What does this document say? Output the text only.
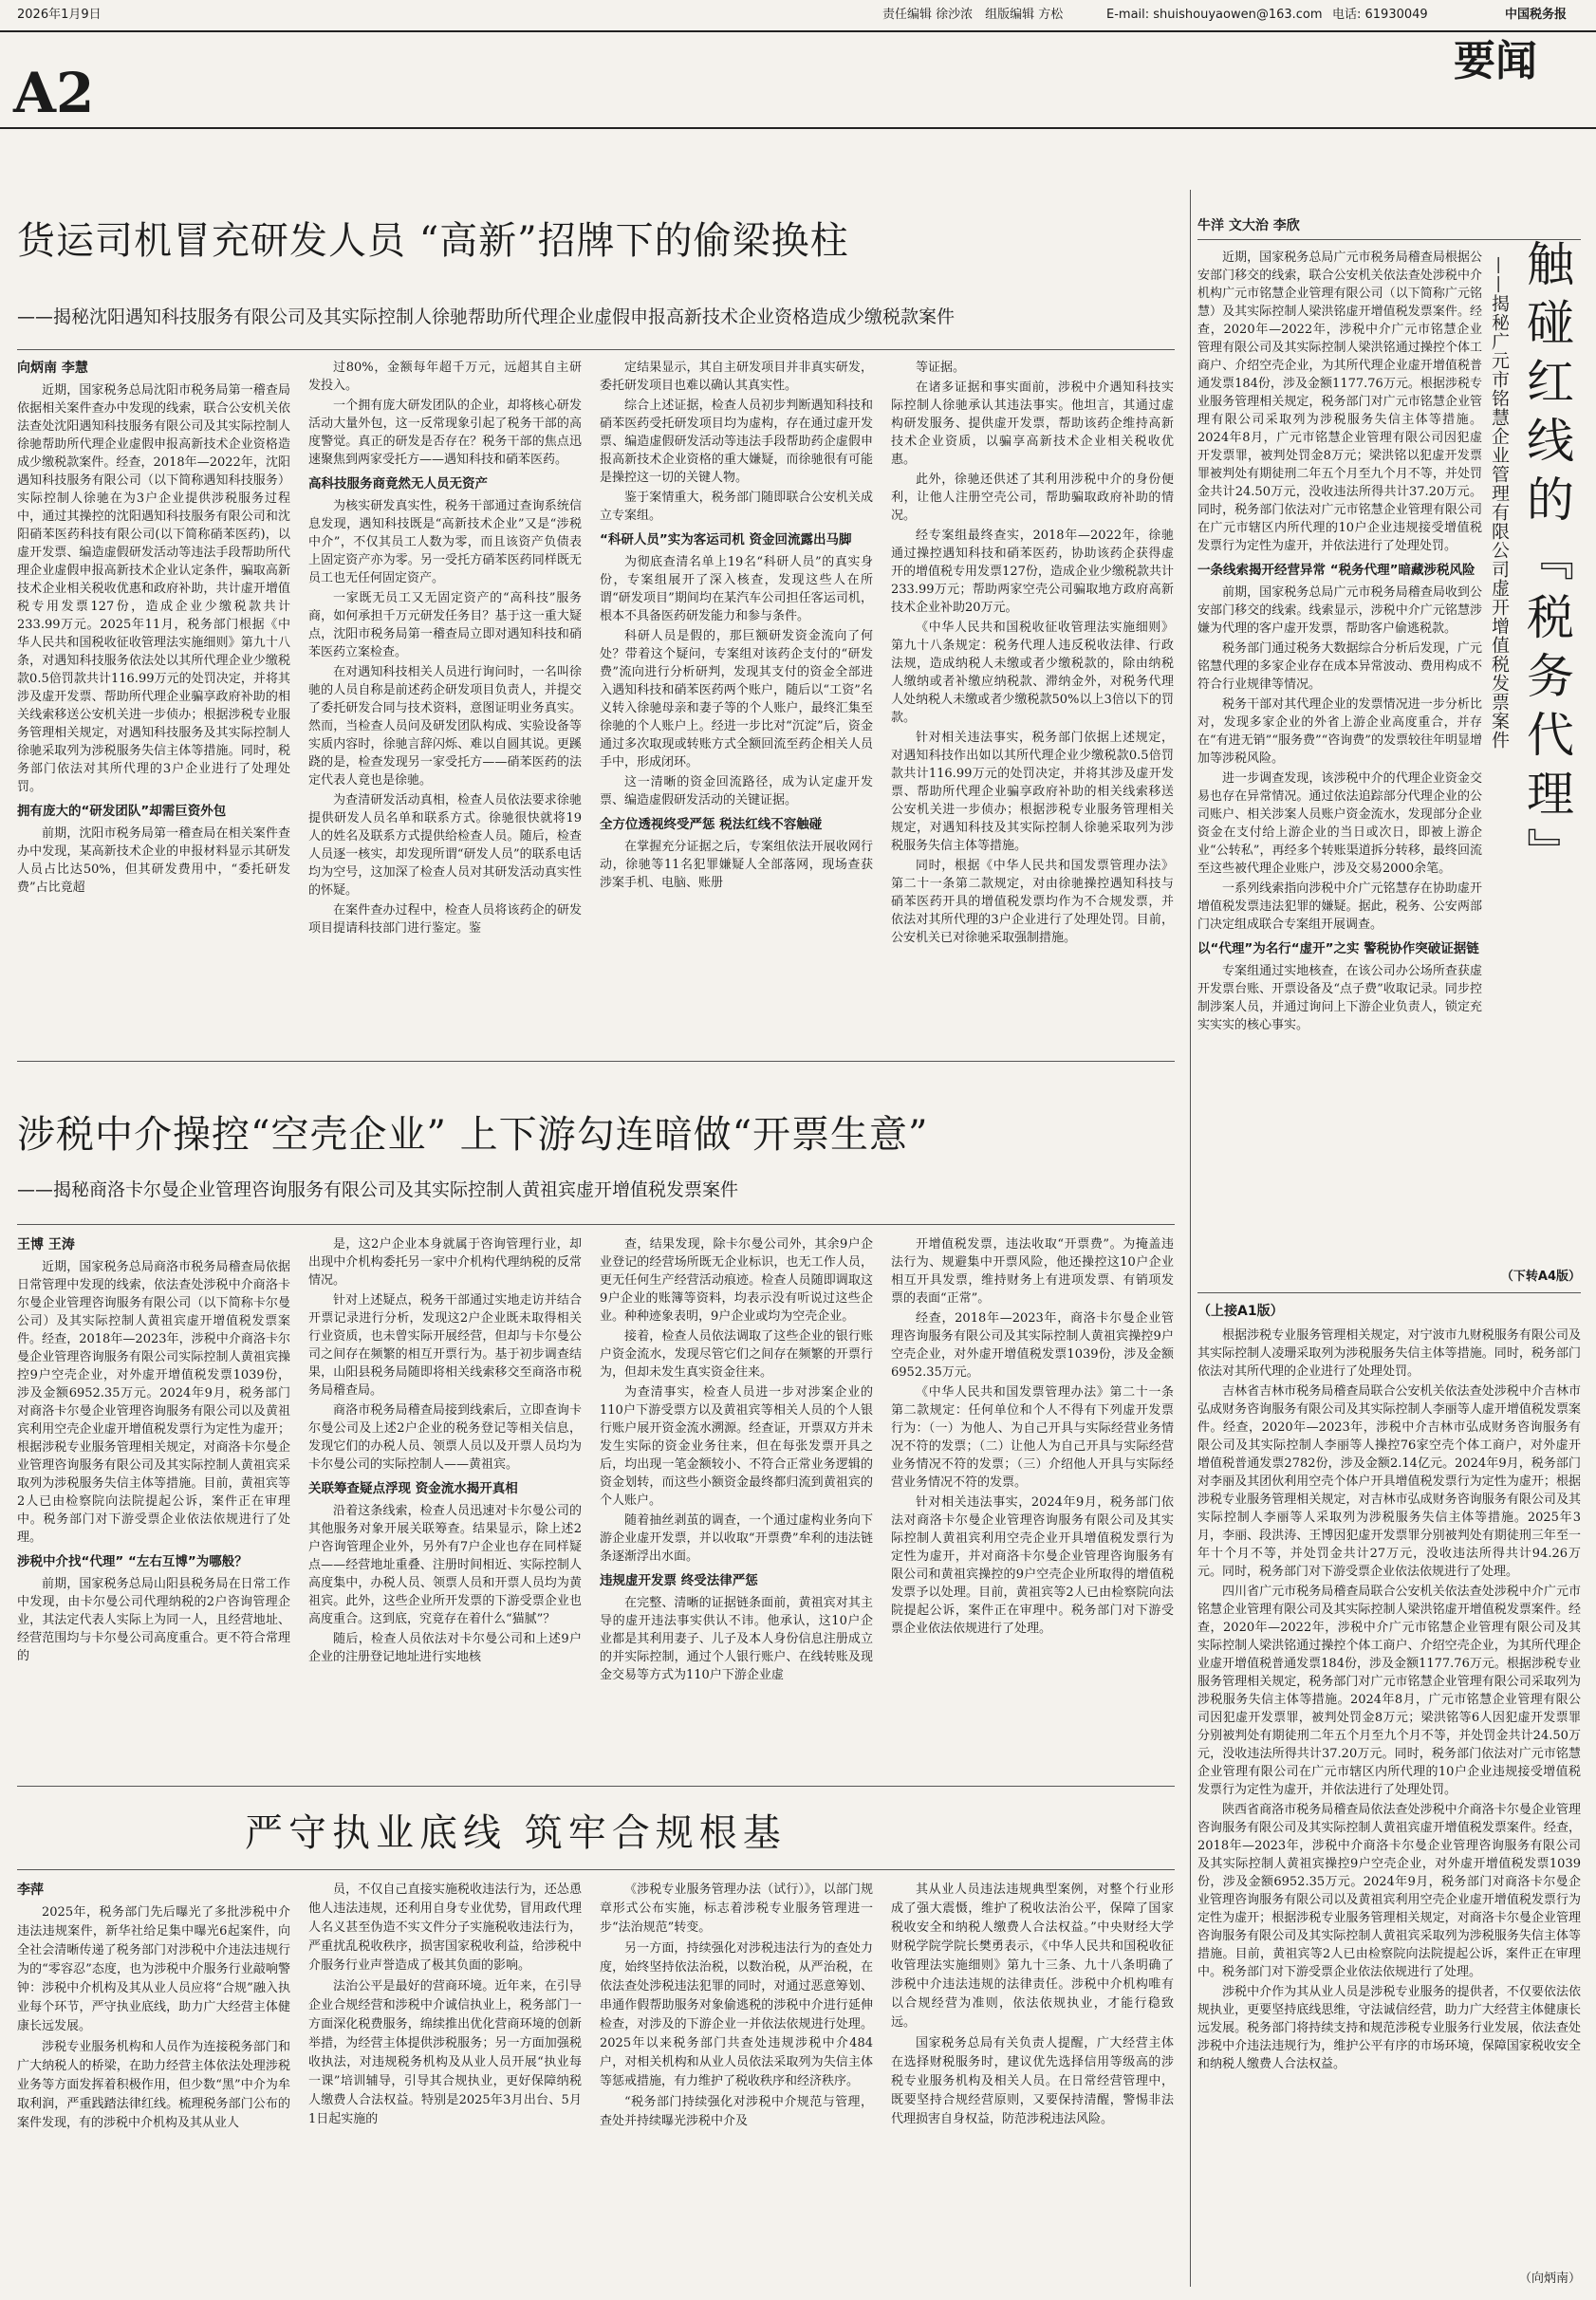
2026年1月9日	责任编辑 徐沙浓　组版编辑 方松	E-mail: shuishouyaowen@163.com 电话: 61930049	中国税务报
A2	要闻
货运司机冒充研发人员 “高新”招牌下的偷梁换柱
——揭秘沈阳遇知科技服务有限公司及其实际控制人徐驰帮助所代理企业虚假申报高新技术企业资格造成少缴税款案件
向炳南 李慧

近期，国家税务总局沈阳市税务局第一稽查局依据相关案件查办中发现的线索，联合公安机关依法查处沈阳遇知科技服务有限公司及其实际控制人徐驰帮助所代理企业虚假申报高新技术企业资格造成少缴税款案件。经查，2018年—2022年，沈阳遇知科技服务有限公司（以下简称遇知科技服务）实际控制人徐驰在为3户企业提供涉税服务过程中，通过其操控的沈阳遇知科技服务有限公司和沈阳硝苯医药科技有限公司(以下简称硝苯医药)，以虚开发票、编造虚假研发活动等违法手段帮助所代理企业虚假申报高新技术企业认定条件，骗取高新技术企业相关税收优惠和政府补助，共计虚开增值税专用发票127份，造成企业少缴税款共计233.99万元。2025年11月，税务部门根据《中华人民共和国税收征收管理法实施细则》第九十八条，对遇知科技服务依法处以其所代理企业少缴税款0.5倍罚款共计116.99万元的处罚决定，并将其涉及虚开发票、帮助所代理企业骗享政府补助的相关线索移送公安机关进一步侦办；根据涉税专业服务管理相关规定，对遇知科技服务及其实际控制人徐驰采取列为涉税服务失信主体等措施。同时，税务部门依法对其所代理的3户企业进行了处理处罚。

拥有庞大的“研发团队”却需巨资外包

前期，沈阳市税务局第一稽查局在相关案件查办中发现，某高新技术企业的申报材料显示其研发人员占比达50%，但其研发费用中，“委托研发费”占比竟超

过80%，金额每年超千万元，远超其自主研发投入。

一个拥有庞大研发团队的企业，却将核心研发活动大量外包，这一反常现象引起了税务干部的高度警觉。真正的研发是否存在？税务干部的焦点迅速聚焦到两家受托方——遇知科技和硝苯医药。

高科技服务商竟然无人员无资产

为核实研发真实性，税务干部通过查询系统信息发现，遇知科技既是“高新技术企业”又是“涉税中介”，不仅其员工人数为零，而且该资产负债表上固定资产亦为零。另一受托方硝苯医药同样既无员工也无任何固定资产。

一家既无员工又无固定资产的“高科技”服务商，如何承担千万元研发任务目？基于这一重大疑点，沈阳市税务局第一稽查局立即对遇知科技和硝苯医药立案检查。

在对遇知科技相关人员进行询问时，一名叫徐驰的人员自称是前述药企研发项目负责人，并提交了委托研发合同与技术资料，意图证明业务真实。然而，当检查人员问及研发团队构成、实验设备等实质内容时，徐驰言辞闪烁、难以自圆其说。更蹊跷的是，检查发现另一家受托方——硝苯医药的法定代表人竟也是徐驰。

为查清研发活动真相，检查人员依法要求徐驰提供研发人员名单和联系方式。徐驰很快就将19人的姓名及联系方式提供给检查人员。随后，检查人员逐一核实，却发现所谓“研发人员”的联系电话均为空号，这加深了检查人员对其研发活动真实性的怀疑。

在案件查办过程中，检查人员将该药企的研发项目提请科技部门进行鉴定。鉴

定结果显示，其自主研发项目并非真实研发，委托研发项目也难以确认其真实性。

综合上述证据，检查人员初步判断遇知科技和硝苯医药受托研发项目均为虚构，存在通过虚开发票、编造虚假研发活动等违法手段帮助药企虚假申报高新技术企业资格的重大嫌疑，而徐驰很有可能是操控这一切的关键人物。

鉴于案情重大，税务部门随即联合公安机关成立专案组。

“科研人员”实为客运司机 资金回流露出马脚

为彻底查清名单上19名“科研人员”的真实身份，专案组展开了深入核查，发现这些人在所谓“研发项目”期间均在某汽车公司担任客运司机，根本不具备医药研发能力和参与条件。

科研人员是假的，那巨额研发资金流向了何处？带着这个疑问，专案组对该药企支付的“研发费”流向进行分析研判，发现其支付的资金全部进入遇知科技和硝苯医药两个账户，随后以“工资”名义转入徐驰母亲和妻子等的个人账户，最终汇集至徐驰的个人账户上。经进一步比对“沉淀”后，资金通过多次取现或转账方式全额回流至药企相关人员手中，形成闭环。

这一清晰的资金回流路径，成为认定虚开发票、编造虚假研发活动的关键证据。

全方位透视终受严惩 税法红线不容触碰

在掌握充分证据之后，专案组依法开展收网行动，徐驰等11名犯罪嫌疑人全部落网，现场查获涉案手机、电脑、账册

等证据。

在诸多证据和事实面前，涉税中介遇知科技实际控制人徐驰承认其违法事实。他坦言，其通过虚构研发服务、提供虚开发票，帮助该药企维持高新技术企业资质，以骗享高新技术企业相关税收优惠。

此外，徐驰还供述了其利用涉税中介的身份便利，让他人注册空壳公司，帮助骗取政府补助的情况。

经专案组最终查实，2018年—2022年，徐驰通过操控遇知科技和硝苯医药，协助该药企获得虚开的增值税专用发票127份，造成企业少缴税款共计233.99万元；帮助两家空壳公司骗取地方政府高新技术企业补助20万元。

《中华人民共和国税收征收管理法实施细则》第九十八条规定：税务代理人违反税收法律、行政法规，造成纳税人未缴或者少缴税款的，除由纳税人缴纳或者补缴应纳税款、滞纳金外，对税务代理人处纳税人未缴或者少缴税款50%以上3倍以下的罚款。

针对相关违法事实，税务部门依据上述规定，对遇知科技作出如以其所代理企业少缴税款0.5倍罚款共计116.99万元的处罚决定，并将其涉及虚开发票、帮助所代理企业骗享政府补助的相关线索移送公安机关进一步侦办；根据涉税专业服务管理相关规定，对遇知科技及其实际控制人徐驰采取列为涉税服务失信主体等措施。

同时，根据《中华人民共和国发票管理办法》第二十一条第二款规定，对由徐驰操控遇知科技与硝苯医药开具的增值税发票均作为不合规发票，并依法对其所代理的3户企业进行了处理处罚。目前，公安机关已对徐驰采取强制措施。

涉税中介操控“空壳企业” 上下游勾连暗做“开票生意”
——揭秘商洛卡尔曼企业管理咨询服务有限公司及其实际控制人黄祖宾虚开增值税发票案件
王博 王涛

近期，国家税务总局商洛市税务局稽查局依据日常管理中发现的线索，依法查处涉税中介商洛卡尔曼企业管理咨询服务有限公司（以下简称卡尔曼公司）及其实际控制人黄祖宾虚开增值税发票案件。经查，2018年—2023年，涉税中介商洛卡尔曼企业管理咨询服务有限公司实际控制人黄祖宾操控9户空壳企业，对外虚开增值税发票1039份，涉及金额6952.35万元。2024年9月，税务部门对商洛卡尔曼企业管理咨询服务有限公司以及黄祖宾利用空壳企业虚开增值税发票行为定性为虚开；根据涉税专业服务管理相关规定，对商洛卡尔曼企业管理咨询服务有限公司及其实际控制人黄祖宾采取列为涉税服务失信主体等措施。目前，黄祖宾等2人已由检察院向法院提起公诉，案件正在审理中。税务部门对下游受票企业依法依规进行了处理。

涉税中介找“代理” “左右互博”为哪般？

前期，国家税务总局山阳县税务局在日常工作中发现，由卡尔曼公司代理纳税的2户咨询管理企业，其法定代表人实际上为同一人，且经营地址、经营范围均与卡尔曼公司高度重合。更不符合常理的

是，这2户企业本身就属于咨询管理行业，却出现中介机构委托另一家中介机构代理纳税的反常情况。

针对上述疑点，税务干部通过实地走访并结合开票记录进行分析，发现这2户企业既未取得相关行业资质，也未曾实际开展经营，但却与卡尔曼公司之间存在频繁的相互开票行为。基于初步调查结果，山阳县税务局随即将相关线索移交至商洛市税务局稽查局。

商洛市税务局稽查局接到线索后，立即查询卡尔曼公司及上述2户企业的税务登记等相关信息，发现它们的办税人员、领票人员以及开票人员均为卡尔曼公司的实际控制人——黄祖宾。

关联筹查疑点浮现 资金流水揭开真相

沿着这条线索，检查人员迅速对卡尔曼公司的其他服务对象开展关联筹查。结果显示，除上述2户咨询管理企业外，另外有7户企业也存在同样疑点——经营地址重叠、注册时间相近、实际控制人高度集中，办税人员、领票人员和开票人员均为黄祖宾。此外，这些企业所开发票的下游受票企业也高度重合。这到底，究竟存在着什么“猫腻”？

随后，检查人员依法对卡尔曼公司和上述9户企业的注册登记地址进行实地核

查，结果发现，除卡尔曼公司外，其余9户企业登记的经营场所既无企业标识，也无工作人员，更无任何生产经营活动痕迹。检查人员随即调取这9户企业的账簿等资料，均表示没有听说过这些企业。种种迹象表明，9户企业或均为空壳企业。

接着，检查人员依法调取了这些企业的银行账户资金流水，发现尽管它们之间存在频繁的开票行为，但却未发生真实资金往来。

为查清事实，检查人员进一步对涉案企业的110户下游受票方以及黄祖宾等相关人员的个人银行账户展开资金流水溯源。经查证，开票双方并未发生实际的资金业务往来，但在每张发票开具之后，均出现一笔金额较小、不符合正常业务逻辑的资金划转，而这些小额资金最终都归流到黄祖宾的个人账户。

随着抽丝剥茧的调查，一个通过虚构业务向下游企业虚开发票，并以收取“开票费”牟利的违法链条逐渐浮出水面。

违规虚开发票 终受法律严惩

在完整、清晰的证据链条面前，黄祖宾对其主导的虚开违法事实供认不讳。他承认，这10户企业都是其利用妻子、儿子及本人身份信息注册成立的并实际控制，通过个人银行账户、在线转账及现金交易等方式为110户下游企业虚

开增值税发票，违法收取“开票费”。为掩盖违法行为、规避集中开票风险，他还操控这10户企业相互开具发票，维持财务上有进项发票、有销项发票的表面“正常”。

经查，2018年—2023年，商洛卡尔曼企业管理咨询服务有限公司及其实际控制人黄祖宾操控9户空壳企业，对外虚开增值税发票1039份，涉及金额6952.35万元。

《中华人民共和国发票管理办法》第二十一条第二款规定：任何单位和个人不得有下列虚开发票行为：（一）为他人、为自己开具与实际经营业务情况不符的发票；（二）让他人为自己开具与实际经营业务情况不符的发票；（三）介绍他人开具与实际经营业务情况不符的发票。

针对相关违法事实，2024年9月，税务部门依法对商洛卡尔曼企业管理咨询服务有限公司及其实际控制人黄祖宾利用空壳企业开具增值税发票行为定性为虚开，并对商洛卡尔曼企业管理咨询服务有限公司和黄祖宾操控的9户空壳企业所取得的增值税发票予以处理。目前，黄祖宾等2人已由检察院向法院提起公诉，案件正在审理中。税务部门对下游受票企业依法依规进行了处理。

严守执业底线 筑牢合规根基
李萍

2025年，税务部门先后曝光了多批涉税中介违法违规案件，新华社给足集中曝光6起案件，向全社会清晰传递了税务部门对涉税中介违法违规行为的“零容忍”态度，也为涉税中介服务行业敲响警钟：涉税中介机构及其从业人员应将“合规”融入执业每个环节，严守执业底线，助力广大经营主体健康长远发展。

涉税专业服务机构和人员作为连接税务部门和广大纳税人的桥梁，在助力经营主体依法处理涉税业务等方面发挥着积极作用，但少数“黑”中介为牟取利润，严重践踏法律红线。梳理税务部门公布的案件发现，有的涉税中介机构及其从业人

员，不仅自己直接实施税收违法行为，还怂恿他人违法违规，还利用自身专业优势，冒用政代理人名义甚至伪造不实文件分子实施税收违法行为，严重扰乱税收秩序，损害国家税收利益，给涉税中介服务行业声誉造成了极其负面的影响。

法治公平是最好的营商环境。近年来，在引导企业合规经营和涉税中介诚信执业上，税务部门一方面深化税费服务，绵续推出优化营商环境的创新举措，为经营主体提供涉税服务；另一方面加强税收执法，对违规税务机构及从业人员开展“执业每一课”培训辅导，引导其合规执业，更好保障纳税人缴费人合法权益。特别是2025年3月出台、5月1日起实施的

《涉税专业服务管理办法（试行）》，以部门规章形式公布实施，标志着涉税专业服务管理进一步“法治规范”转变。

另一方面，持续强化对涉税违法行为的查处力度，始终坚持依法治税，以数治税，从严治税，在依法查处涉税违法犯罪的同时，对通过恶意筹划、串通作假帮助服务对象偷逃税的涉税中介进行延伸检查，对涉及的下游企业一并依法依规进行处理。2025年以来税务部门共查处违规涉税中介484户，对相关机构和从业人员依法采取列为失信主体等惩戒措施，有力维护了税收秩序和经济秩序。

“税务部门持续强化对涉税中介规范与管理，查处并持续曝光涉税中介及

其从业人员违法违规典型案例，对整个行业形成了强大震慑，维护了税收法治公平，保障了国家税收安全和纳税人缴费人合法权益。”中央财经大学财税学院学院长樊勇表示，《中华人民共和国税收征收管理法实施细则》第九十三条、九十八条明确了涉税中介违法违规的法律责任。涉税中介机构唯有以合规经营为准则，依法依规执业，才能行稳致远。

国家税务总局有关负责人提醒，广大经营主体在选择财税服务时，建议优先选择信用等级高的涉税专业服务机构及相关人员。在日常经营管理中，既要坚持合规经营原则，又要保持清醒，警惕非法代理损害自身权益，防范涉税违法风险。

牛洋 文大治 李欣

近期，国家税务总局广元市税务局稽查局根据公安部门移交的线索，联合公安机关依法查处涉税中介机构广元市铭慧企业管理有限公司（以下简称广元铭慧）及其实际控制人梁洪铭虚开增值税发票案件。经查，2020年—2022年，涉税中介广元市铭慧企业管理有限公司及其实际控制人梁洪铭通过操控个体工商户、介绍空壳企业，为其所代理企业虚开增值税普通发票184份，涉及金额1177.76万元。根据涉税专业服务管理相关规定，税务部门对广元市铭慧企业管理有限公司采取列为涉税服务失信主体等措施。2024年8月，广元市铭慧企业管理有限公司因犯虚开发票罪，被判处罚金8万元；梁洪铭以犯虚开发票罪被判处有期徒刑二年五个月至九个月不等，并处罚金共计24.50万元，没收违法所得共计37.20万元。同时，税务部门依法对广元市铭慧企业管理有限公司在广元市辖区内所代理的10户企业违规接受增值税发票行为定性为虚开，并依法进行了处理处罚。

一条线索揭开经营异常 “税务代理”暗藏涉税风险

前期，国家税务总局广元市税务局稽查局收到公安部门移交的线索。线索显示，涉税中介广元铭慧涉嫌为代理的客户虚开发票，帮助客户偷逃税款。

税务部门通过税务大数据综合分析后发现，广元铭慧代理的多家企业存在成本异常波动、费用构成不符合行业规律等情况。

税务干部对其代理企业的发票情况进一步分析比对，发现多家企业的外省上游企业高度重合，并存在“有进无销”“服务费”“咨询费”的发票较往年明显增加等涉税风险。

进一步调查发现，该涉税中介的代理企业资金交易也存在异常情况。通过依法追踪部分代理企业的公司账户、相关涉案人员账户资金流水，发现部分企业资金在支付给上游企业的当日或次日，即被上游企业“公转私”，再经多个转账渠道拆分转移，最终回流至这些被代理企业账户，涉及交易2000余笔。

一系列线索指向涉税中介广元铭慧存在协助虚开增值税发票违法犯罪的嫌疑。据此，税务、公安两部门决定组成联合专案组开展调查。

以“代理”为名行“虚开”之实 警税协作突破证据链

专案组通过实地核查，在该公司办公场所查获虚开发票台账、开票设备及“点子费”收取记录。同步控制涉案人员，并通过询问上下游企业负责人，锁定充实实实的核心事实。

触碰红线的『税务代理』
——揭秘广元市铭慧企业管理有限公司虚开增值税发票案件
（下转A4版）
（上接A1版）

根据涉税专业服务管理相关规定，对宁波市九财税服务有限公司及其实际控制人凌珊采取列为涉税服务失信主体等措施。同时，税务部门依法对其所代理的企业进行了处理处罚。

吉林省吉林市税务局稽查局联合公安机关依法查处涉税中介吉林市弘成财务咨询服务有限公司及其实际控制人李丽等人虚开增值税发票案件。经查，2020年—2023年，涉税中介吉林市弘成财务咨询服务有限公司及其实际控制人李丽等人操控76家空壳个体工商户，对外虚开增值税普通发票2782份，涉及金额2.14亿元。2024年9月，税务部门对李丽及其团伙利用空壳个体户开具增值税发票行为定性为虚开；根据涉税专业服务管理相关规定，对吉林市弘成财务咨询服务有限公司及其实际控制人李丽等人采取列为涉税服务失信主体等措施。2025年3月，李丽、段洪涛、王博因犯虚开发票罪分别被判处有期徒刑三年至一年十个月不等，并处罚金共计27万元，没收违法所得共计94.26万元。同时，税务部门对下游受票企业依法依规进行了处理。

四川省广元市税务局稽查局联合公安机关依法查处涉税中介广元市铭慧企业管理有限公司及其实际控制人梁洪铭虚开增值税发票案件。经查，2020年—2022年，涉税中介广元市铭慧企业管理有限公司及其实际控制人梁洪铭通过操控个体工商户、介绍空壳企业，为其所代理企业虚开增值税普通发票184份，涉及金额1177.76万元。根据涉税专业服务管理相关规定，税务部门对广元市铭慧企业管理有限公司采取列为涉税服务失信主体等措施。2024年8月，广元市铭慧企业管理有限公司因犯虚开发票罪，被判处罚金8万元；梁洪铭等6人因犯虚开发票罪分别被判处有期徒刑二年五个月至九个月不等，并处罚金共计24.50万元，没收违法所得共计37.20万元。同时，税务部门依法对广元市铭慧企业管理有限公司在广元市辖区内所代理的10户企业违规接受增值税发票行为定性为虚开，并依法进行了处理处罚。

陕西省商洛市税务局稽查局依法查处涉税中介商洛卡尔曼企业管理咨询服务有限公司及其实际控制人黄祖宾虚开增值税发票案件。经查，2018年—2023年，涉税中介商洛卡尔曼企业管理咨询服务有限公司及其实际控制人黄祖宾操控9户空壳企业，对外虚开增值税发票1039份，涉及金额6952.35万元。2024年9月，税务部门对商洛卡尔曼企业管理咨询服务有限公司以及黄祖宾利用空壳企业虚开增值税发票行为定性为虚开；根据涉税专业服务管理相关规定，对商洛卡尔曼企业管理咨询服务有限公司及其实际控制人黄祖宾采取列为涉税服务失信主体等措施。目前，黄祖宾等2人已由检察院向法院提起公诉，案件正在审理中。税务部门对下游受票企业依法依规进行了处理。

涉税中介作为其从业人员是涉税专业服务的提供者，不仅要依法依规执业，更要坚持底线思维，守法诚信经营，助力广大经营主体健康长远发展。税务部门将持续支持和规范涉税专业服务行业发展，依法查处涉税中介违法违规行为，维护公平有序的市场环境，保障国家税收安全和纳税人缴费人合法权益。

（向炳南）
